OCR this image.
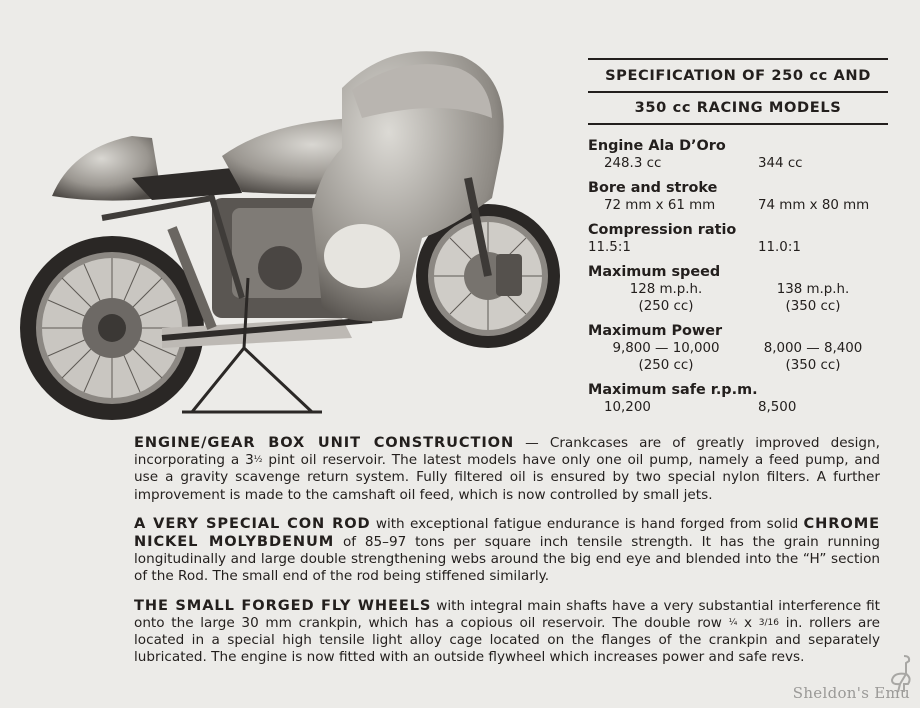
SPECIFICATION OF 250 cc AND
350 cc RACING MODELS
Engine Ala D’Oro
248.3 cc	344 cc
Bore and stroke
72 mm x 61 mm	74 mm x 80 mm
Compression ratio
11.5:1	11.0:1
Maximum speed
128 m.p.h.	138 m.p.h.
(250 cc)	(350 cc)
Maximum Power
9,800 — 10,000	8,000 — 8,400
(250 cc)	(350 cc)
Maximum safe r.p.m.
10,200	8,500

ENGINE/GEAR BOX UNIT CONSTRUCTION — Crankcases are of greatly improved design, incorporating a 3½ pint oil reservoir. The latest models have only one oil pump, namely a feed pump, and use a gravity scavenge return system. Fully filtered oil is ensured by two special nylon filters. A further improvement is made to the camshaft oil feed, which is now controlled by small jets.

A VERY SPECIAL CON ROD with exceptional fatigue endurance is hand forged from solid CHROME NICKEL MOLYBDENUM of 85–97 tons per square inch tensile strength. It has the grain running longitudinally and large double strengthening webs around the big end eye and blended into the “H” section of the Rod. The small end of the rod being stiffened similarly.

THE SMALL FORGED FLY WHEELS with integral main shafts have a very substantial interference fit onto the large 30 mm crankpin, which has a copious oil reservoir. The double row ¼ x 3/16 in. rollers are located in a special high tensile light alloy cage located on the flanges of the crankpin and separately lubricated. The engine is now fitted with an outside flywheel which increases power and safe revs.

Sheldon's Emu
